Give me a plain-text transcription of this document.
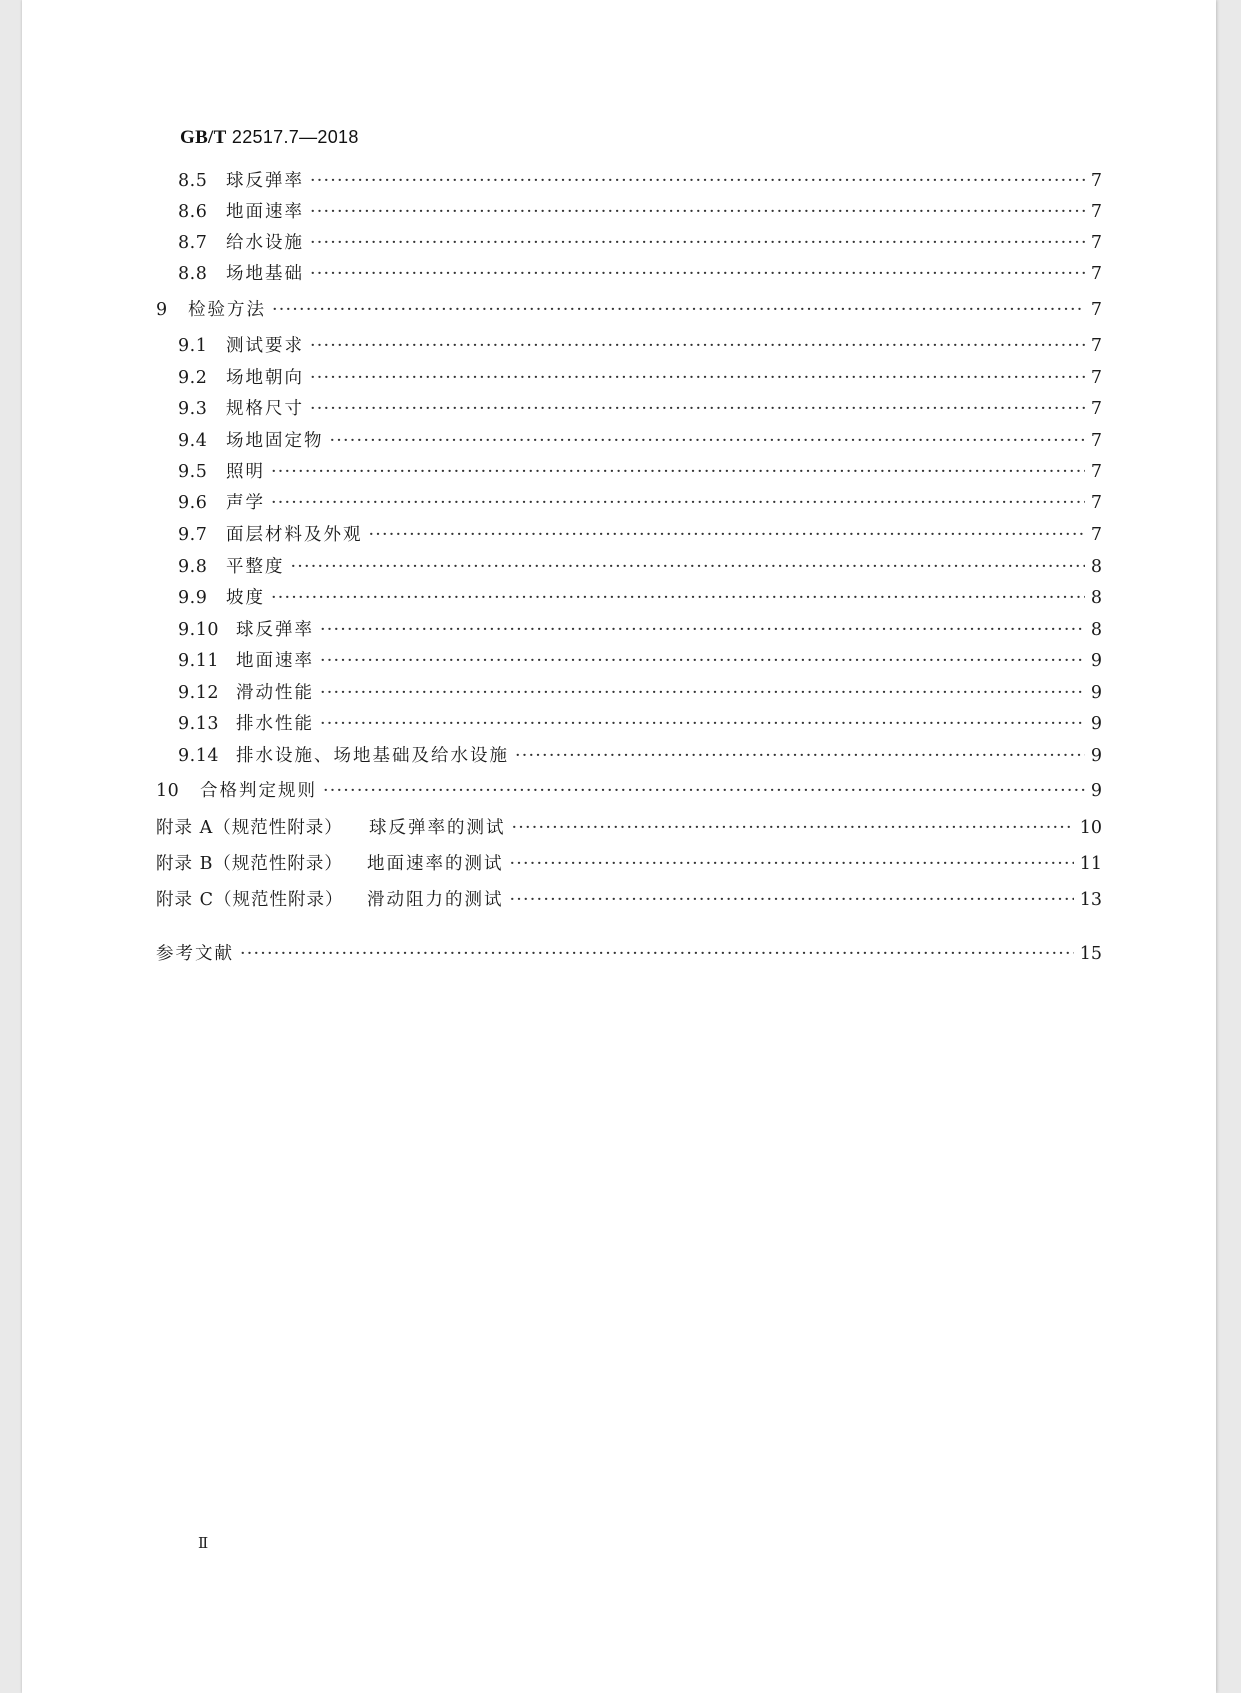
GB/T 22517.7—2018
8.5	球反弹率 ·····	7
8.6	地面速率 ·····	7
8.7	给水设施 ·····	7
8.8	场地基础 ·····	7
9	检验方法 ·····	7
9.1	测试要求 ·····	7
9.2	场地朝向 ·····	7
9.3	规格尺寸 ·····	7
9.4	场地固定物 ·····	7
9.5	照明 ·····	7
9.6	声学 ·····	7
9.7	面层材料及外观 ·····	7
9.8	平整度 ·····	8
9.9	坡度 ·····	8
9.10 球反弹率 ·····	8
9.11 地面速率 ·····	9
9.12 滑动性能 ·····	9
9.13 排水性能 ·····	9
9.14 排水设施、场地基础及给水设施 ·····	9
10	合格判定规则 ·····	9
附录 A（规范性附录）	球反弹率的测试 ·····	10
附录 B（规范性附录）	地面速率的测试 ·····	11
附录 C（规范性附录）	滑动阻力的测试 ·····	13
参考文献 ·····	15
Ⅱ
